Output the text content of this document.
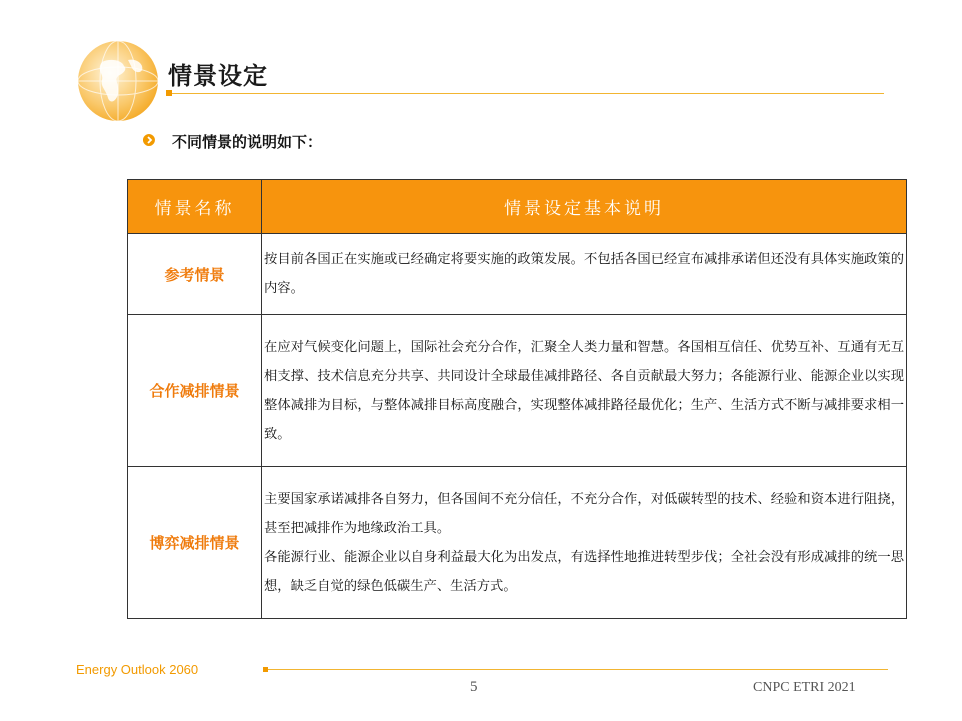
情景设定
不同情景的说明如下：
情景名称	情景设定基本说明
参考情景	按目前各国正在实施或已经确定将要实施的政策发展。不包括各国已经宣布减排承诺但还没有具体实施政策的内容。

合作减排情景	在应对气候变化问题上，国际社会充分合作，汇聚全人类力量和智慧。各国相互信任、优势互补、互通有无互相支撑、技术信息充分共享、共同设计全球最佳减排路径、各自贡献最大努力；各能源行业、能源企业以实现整体减排为目标，与整体减排目标高度融合，实现整体减排路径最优化；生产、生活方式不断与减排要求相一致。

博弈减排情景	主要国家承诺减排各自努力，但各国间不充分信任，不充分合作，对低碳转型的技术、经验和资本进行阻挠，甚至把减排作为地缘政治工具。

各能源行业、能源企业以自身利益最大化为出发点，有选择性地推进转型步伐；全社会没有形成减排的统一思想，缺乏自觉的绿色低碳生产、生活方式。

Energy Outlook 2060
5	CNPC ETRI 2021
